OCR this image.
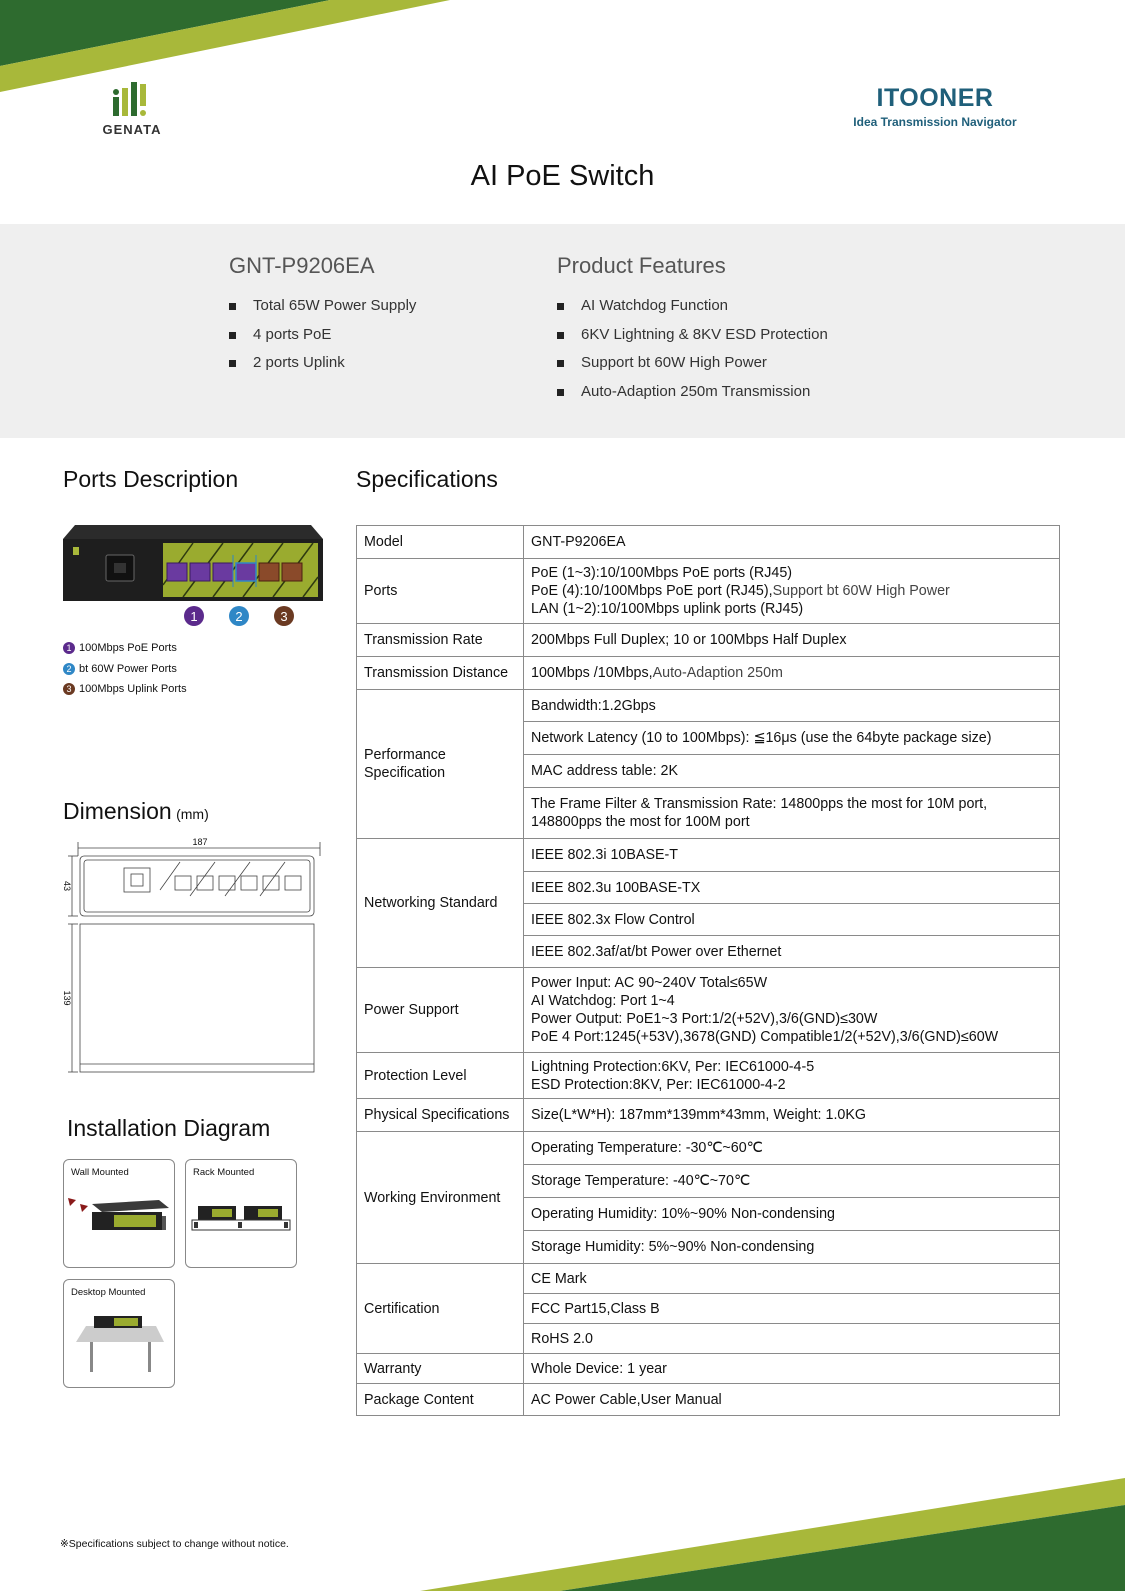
GENATA
ITOONER
Idea Transmission Navigator
AI PoE Switch
GNT-P9206EA
Total 65W Power Supply
4 ports PoE
2 ports Uplink
Product Features
AI Watchdog Function
6KV Lightning & 8KV ESD Protection
Support bt 60W High Power
Auto-Adaption 250m Transmission
Ports Description
1	2	3
1 100Mbps PoE Ports
2 bt 60W Power Ports
3 100Mbps Uplink Ports
Dimension (mm)
187
43
139
Installation Diagram
Wall Mounted	Rack Mounted
Desktop Mounted
Specifications
Model	GNT-P9206EA
Ports	PoE (1~3):10/100Mbps PoE ports (RJ45)
PoE (4):10/100Mbps PoE port (RJ45),Support bt 60W High Power
LAN (1~2):10/100Mbps uplink ports (RJ45)

Transmission Rate	200Mbps Full Duplex; 10 or 100Mbps Half Duplex
Transmission Distance	100Mbps /10Mbps,Auto-Adaption 250m
Performance Specification	Bandwidth:1.2Gbps
	Network Latency (10 to 100Mbps): ≦16μs (use the 64byte package size)
	MAC address table: 2K
	The Frame Filter & Transmission Rate: 14800pps the most for 10M port, 148800pps the most for 100M port
Networking Standard	IEEE 802.3i 10BASE-T
	IEEE 802.3u 100BASE-TX
	IEEE 802.3x Flow Control
	IEEE 802.3af/at/bt Power over Ethernet
Power Support	Power Input: AC 90~240V Total≤65W
AI Watchdog: Port 1~4
Power Output: PoE1~3 Port:1/2(+52V),3/6(GND)≤30W
PoE 4 Port:1245(+53V),3678(GND) Compatible1/2(+52V),3/6(GND)≤60W

Protection Level	Lightning Protection:6KV, Per: IEC61000-4-5
ESD Protection:8KV, Per: IEC61000-4-2

Physical Specifications	Size(L*W*H): 187mm*139mm*43mm, Weight: 1.0KG
Working Environment	Operating Temperature: -30℃~60℃
	Storage Temperature: -40℃~70℃
	Operating Humidity: 10%~90% Non-condensing
	Storage Humidity: 5%~90% Non-condensing
Certification	CE Mark
	FCC Part15,Class B
	RoHS 2.0
Warranty	Whole Device: 1 year
Package Content	AC Power Cable,User Manual
※Specifications subject to change without notice.
